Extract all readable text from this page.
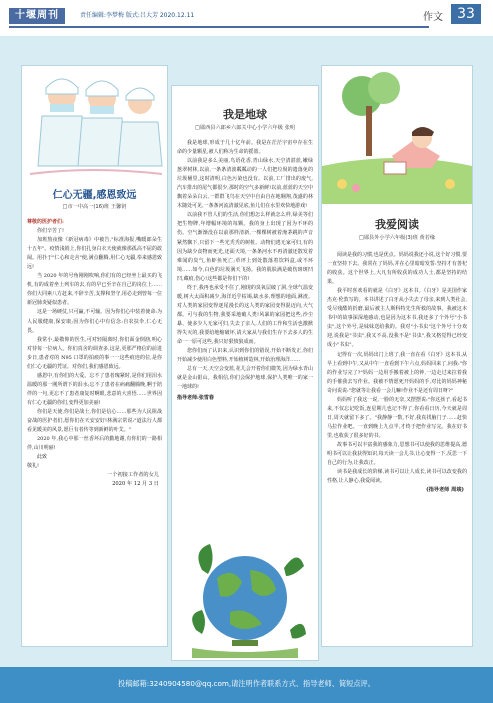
十堰周刊	责任编辑:李梦梅 版式:吕大芳 2020.12.11	作文	33
仁心无疆,感恩致远
□市一中高一(16)班 王馨钥

尊敬的医护者们:

你们辛苦了!

加班熬夜像《新冠病毒》中被告,"标准海报,嘴暖郎朵生十五年"。疫情浅销上,你们扎身白衣天使就像那孤高不屈的敢阔。用扑于"仁心和走舍"使,满点翻腾,用仁心无疆,奉来感恩致远!

当 2020 年的号角刚刚吹响,你们有的已经坐上最买的飞机,有的成着坐上列车的去,有的早已至辛在自己的岗位上……你们大同素八方赶来,不辞辛苦,支撑和坚守,用必走到曾每一位新冠肺炎疑似患者。

这是一场硬仗,只可赢,不可输。因为你们心中装着使命:为人民服健康,保安康;因为你们心中有信念:自农扶伞,仁心无畏。

我常小,最敬仰的医生,可对轻隔离时,你们面金倒汹,明心对待每一位病人。你们真舍的调查多,这是,更那严格信的前进步日,患者对的 N95 口罩的拍痕的事一一这些痕迹的位,是你们仁心无疆的凭证。对你们,我们感恩致远。

感恩中,有你们的大爱。忘不了患者瑰紧时,是你们用泪水温暖的那一刚所谓下的泪水;忘不了患者在病痛翻腾晚,啊于陪伴的一句,更忘不了患者康复时啊眼,悲意的大喜悟……世界因有仁心无疆的你们,变得更加美丽!

你们是天使,你们是战士,你们是信心……那些为人民阻战奋战的医护者们,愿你们在天安安好!林满宗常说:"道法行人都看见暖美的风景,愿巨有者传等到新鲜的叶艾。"

2020 年,我心中那一丝香坏后的勤地谢,有你们的一路相伴,山川明丽!

此致

敬礼!

一个初接工作者的女儿
2020 年 12 月 3 日
我是地球
□郧西县六郎乡六郎关中心小学六年级 张明

我是地球,形成于几十亿年前。我是在茫茫宇宙中存在生命的少量颗星,被人们称为生命的摇篮。

以前我是多么美丽,鸟语花香,青山绿水,天空清湛蓝,嫩绿葱翠树林,以前,一条条清波粼粼动的一人们把垃圾的遗落免的垃圾桶里,这时清明,白色污染也没有。以前,工厂排出的废气,汽车排出的尾气都很少,那时的空气多新鲜!以前,蓝蓝的天空中飘着朵朵白云,一群群飞鸟在天空中自由自在地翱翔,茂盛的林木随处可见,一条条河流清澈见底,鱼儿们在水里欢快地游戏!

以前我不管人们的生活,你们想怎么样就怎么样,绿美等们把生物牌,年增幅环境的每颗。我的身上出现了因为不环的伤。空气渐渐没在以前那样清新,一棵棵树被着淹茅跳的声音紧然飘下,只留下一些光秃秃的树桩。动物们逃无家可归,有的因为缺少食物而死光,还面天境,一条条河水不再清澈还散发着难闻的臭气,鱼虾鱼死亡;草坪上到处散落着饮料盒,或不环境……如今,白色的垃圾满天飞扬。我的肌肤满是破伤斑斑凹凹,藏痕,伤心!这些都是你们干的!

终于,我再也承受不住了,刚现的臭氧层破了洞,全球气温变暖,树大太面积减少,海洋近乎枯竭,缺水多,理想的地面,淋渣。对人类的家园变得逐尾漫长的这人类的家园变得混迈向,大气都。可与我的生物,我要采地破人类!风暴的家园把这些,沙尘暴、使多少人无家可归,失去了亲人,人们的工作和生活也激掀得失灭的,我要给地缩破坏,请大家从与我们生存下去多人的生命一一原可这些,我只好狠愤狼成而。

您你们而了认识来,认识到你们的错误,开始不断发正,你们开始减少使用白色塑料,开始植树造林,开始治理海洋……

总有一天,天空会变蓝,花儿会开着你们微笑,因为绿水青山就是金山银山。我相信,你们会保护地球,保护人类唯一的家一一地球的!

指导老师:张雪春
我爱阅读
□郧县外小学六年级(3)班 黄若缘

阅读是我的习惯,也是优点。妈妈说我还小说,这个好习惯,要一直坚持下去。我常在了妈妈,并在心里暗暗发誓:坚持才有善杞的收获。这个世界上,大凡有所收获的成功人士,都是坚持的结果。

我平时喜欢看的就是《白牙》这本书。《白牙》是美国作家杰克·伦敦写的。本书讲述了白牙从小失去了母亲,来到人类社会,受尽残酷的折磨,最后被主人斯科特先生所救的故事。我被这本书中的故事深深地感动,也是因为这本书,我还多了个外号"小书虫",这个外号,是妹妹送给我的。我对"小书虫"这个外号十分欢迎,说我是"书虫",我又不高,没我不是"书虫",我又格觉得已经变成小"书虫"。

记得有一次,妈妈出门上班了,我一直在看《白牙》这本书,从早上看到中午,又从中午一直看到下午六点,妈妈回来了,问我:"你的作业写完了?"妈妈一边用手搬着被上的钟,一边走过来拉着我的手催我去写作业。我被不情愿死开妈妈的手,对比的妈妈神秘奇问说说:"您就等让我看一会儿嘛!作业不是还有周日呀?"

妈妈听了我这一说,一脸的无奈,又摆摆说:"你这孩子,看起书来,不仅忘记吃饭,连星期几也记不得了,你看看日历,今天就是周日,周天就留下多了。"我静静一数,不好,我真找脑门子……赶快马拉作业吧。一直到晚上九点半,才终于把作业写完。我在好书里,也收获了很多好的书。

故事书可以丰富我的感象力,思想书可以使我的思维提高,德明书可以让我获得知识,每天读一会儿书,让心变得一下,反思一下自己的行为,让我改正。

读书是我成长的阶梯,读书可以让人成长,读书可以改变我的性格,让人静心,我爱阅读。

(指导老师 周竣)
投稿邮箱:3240904580@qq.com,请注明作者联系方式、指导老师、简短点评。
